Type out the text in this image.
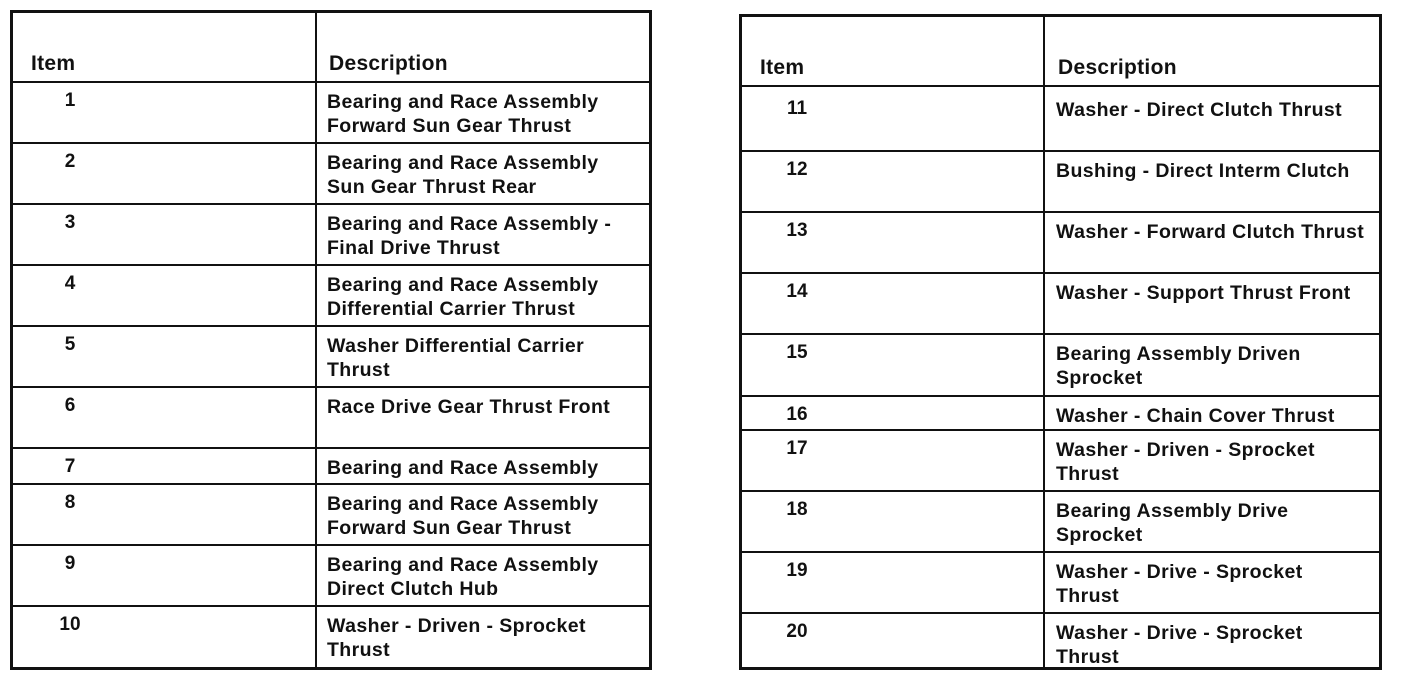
Item	Description
1	Bearing and Race Assembly Forward Sun Gear Thrust
2	Bearing and Race Assembly Sun Gear Thrust Rear
3	Bearing and Race Assembly - Final Drive Thrust
4	Bearing and Race Assembly Differential Carrier Thrust
5	Washer Differential Carrier Thrust
6	Race Drive Gear Thrust Front
7	Bearing and Race Assembly
8	Bearing and Race Assembly Forward Sun Gear Thrust
9	Bearing and Race Assembly Direct Clutch Hub
10	Washer - Driven - Sprocket Thrust
Item	Description
11	Washer - Direct Clutch Thrust
12	Bushing - Direct Interm Clutch
13	Washer - Forward Clutch Thrust
14	Washer - Support Thrust Front
15	Bearing Assembly Driven Sprocket
16	Washer - Chain Cover Thrust
17	Washer - Driven - Sprocket Thrust
18	Bearing Assembly Drive Sprocket
19	Washer - Drive - Sprocket Thrust
20	Washer - Drive - Sprocket Thrust
